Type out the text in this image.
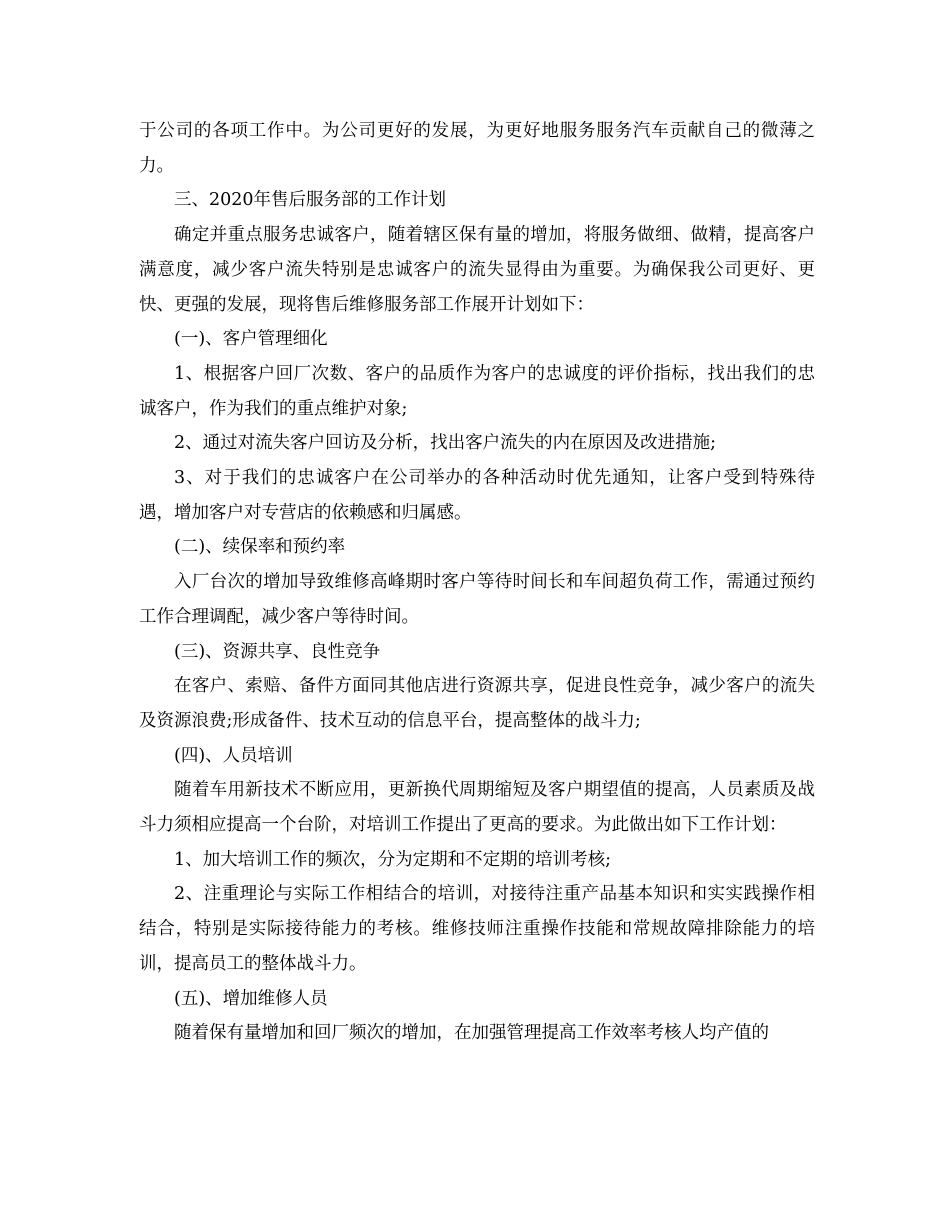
于公司的各项工作中。为公司更好的发展，为更好地服务服务汽车贡献自己的微薄之力。

三、2020年售后服务部的工作计划

确定并重点服务忠诚客户，随着辖区保有量的增加，将服务做细、做精，提高客户满意度，减少客户流失特别是忠诚客户的流失显得由为重要。为确保我公司更好、更快、更强的发展，现将售后维修服务部工作展开计划如下：

(一)、客户管理细化

1、根据客户回厂次数、客户的品质作为客户的忠诚度的评价指标，找出我们的忠诚客户，作为我们的重点维护对象;

2、通过对流失客户回访及分析，找出客户流失的内在原因及改进措施;

3、对于我们的忠诚客户在公司举办的各种活动时优先通知，让客户受到特殊待遇，增加客户对专营店的依赖感和归属感。

(二)、续保率和预约率

入厂台次的增加导致维修高峰期时客户等待时间长和车间超负荷工作，需通过预约工作合理调配，减少客户等待时间。

(三)、资源共享、良性竞争

在客户、索赔、备件方面同其他店进行资源共享，促进良性竞争，减少客户的流失及资源浪费;形成备件、技术互动的信息平台，提高整体的战斗力;

(四)、人员培训

随着车用新技术不断应用，更新换代周期缩短及客户期望值的提高，人员素质及战斗力须相应提高一个台阶，对培训工作提出了更高的要求。为此做出如下工作计划：

1、加大培训工作的频次，分为定期和不定期的培训考核;

2、注重理论与实际工作相结合的培训，对接待注重产品基本知识和实实践操作相结合，特别是实际接待能力的考核。维修技师注重操作技能和常规故障排除能力的培训，提高员工的整体战斗力。

(五)、增加维修人员

随着保有量增加和回厂频次的增加，在加强管理提高工作效率考核人均产值的
